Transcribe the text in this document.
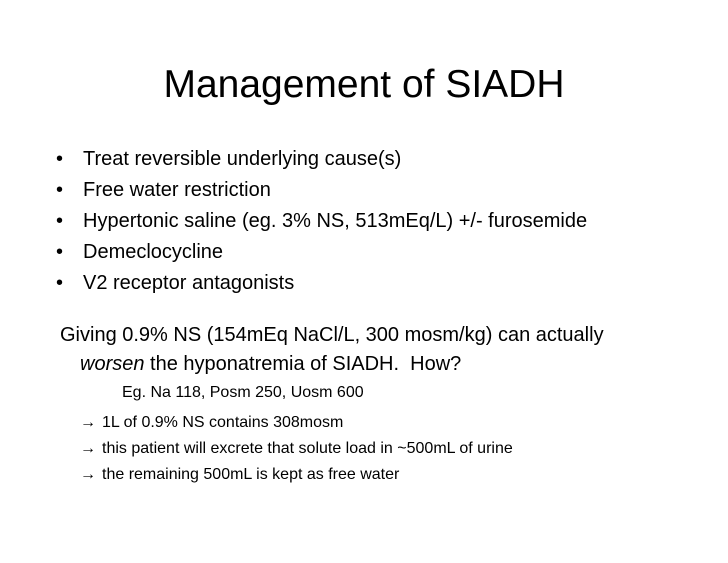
Management of SIADH
• Treat reversible underlying cause(s)
• Free water restriction
• Hypertonic saline (eg. 3% NS, 513mEq/L) +/- furosemide
• Demeclocycline
• V2 receptor antagonists
Giving 0.9% NS (154mEq NaCl/L, 300 mosm/kg) can actually
worsen the hyponatremia of SIADH.  How?
Eg. Na 118, Posm 250, Uosm 600
→ 1L of 0.9% NS contains 308mosm
→ this patient will excrete that solute load in ~500mL of urine
→ the remaining 500mL is kept as free water
